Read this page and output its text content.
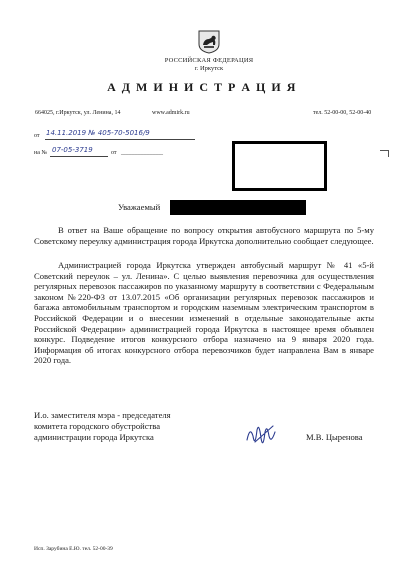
РОССИЙСКАЯ ФЕДЕРАЦИЯ
г. Иркутск
А Д М И Н И С Т Р А Ц И Я
664025, г.Иркутск, ул. Ленина, 14	www.admirk.ru	тел. 52-00-00, 52-00-40
от 14.11.2019 № 405-70-5016/9
на № 07-05-3719	от ______________
Уважаемый
В ответ на Ваше обращение по вопросу открытия автобусного маршрута по 5-му Советскому переулку администрация города Иркутска дополнительно сообщает следующее.
Администрацией города Иркутска утвержден автобусный маршрут № 41 «5-й Советский переулок – ул. Ленина». С целью выявления перевозчика для осуществления регулярных перевозок пассажиров по указанному маршруту в соответствии с Федеральным законом №220-ФЗ от 13.07.2015 «Об организации регулярных перевозок пассажиров и багажа автомобильным транспортом и городским наземным электрическим транспортом в Российской Федерации и о внесении изменений в отдельные законодательные акты Российской Федерации» администрацией города Иркутска в настоящее время объявлен конкурс. Подведение итогов конкурсного отбора назначено на 9 января 2020 года. Информация об итогах конкурсного отбора перевозчиков будет направлена Вам в январе 2020 года.
И.о. заместителя мэра - председателя
комитета городского обустройства
администрации города Иркутска	М.В. Цыренова
Исп. Зарубина Е.Ю. тел. 52-00-39
